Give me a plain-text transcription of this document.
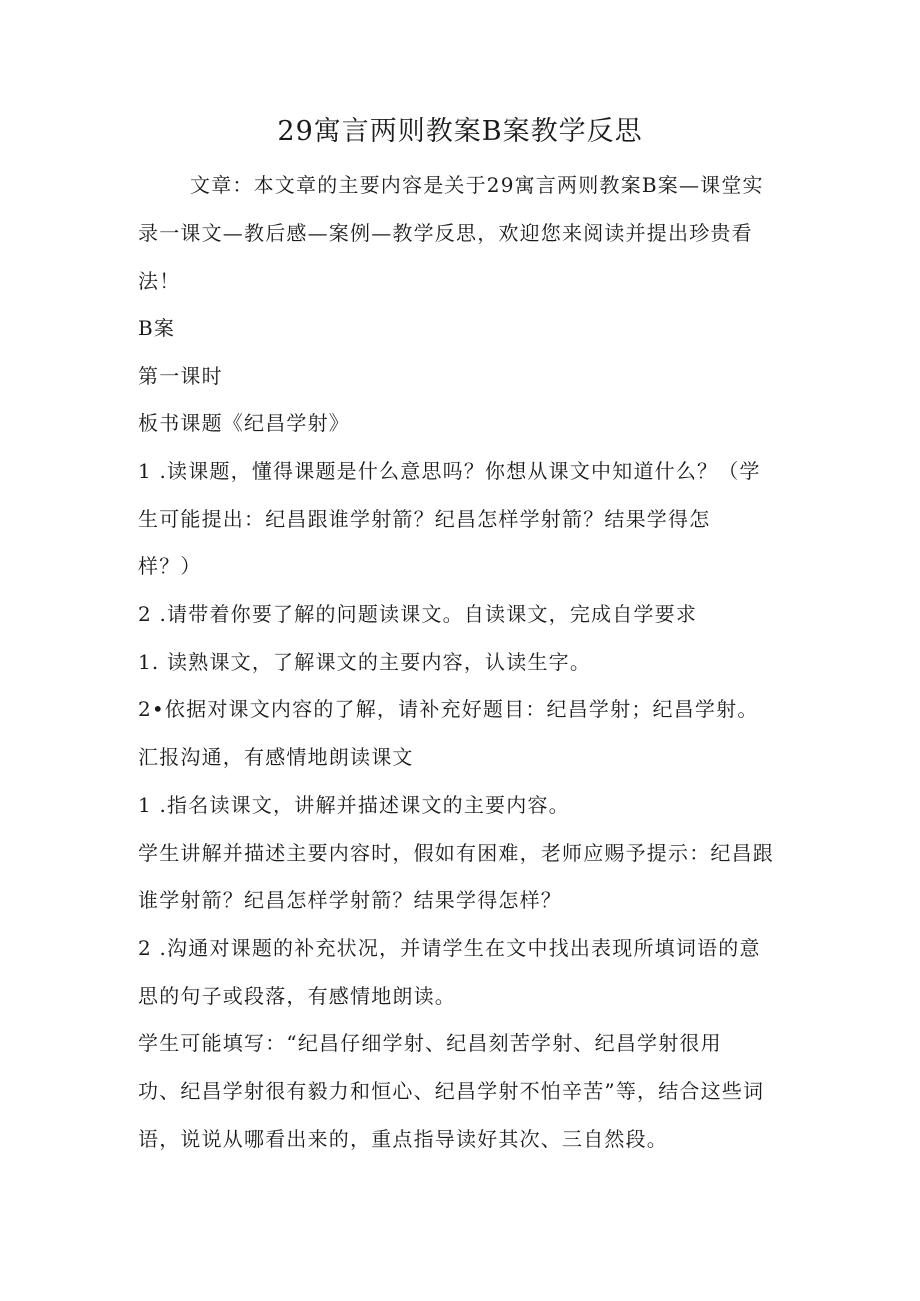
29寓言两则教案B案教学反思
文章：本文章的主要内容是关于29寓言两则教案B案—课堂实
录一课文—教后感—案例—教学反思，欢迎您来阅读并提出珍贵看
法！
B案
第一课时
板书课题《纪昌学射》
1 .读课题，懂得课题是什么意思吗？你想从课文中知道什么？（学
生可能提出：纪昌跟谁学射箭？纪昌怎样学射箭？结果学得怎
样？）
2 .请带着你要了解的问题读课文。自读课文，完成自学要求
1. 读熟课文，了解课文的主要内容，认读生字。
2•依据对课文内容的了解，请补充好题目：纪昌学射；纪昌学射。
汇报沟通，有感情地朗读课文
1 .指名读课文，讲解并描述课文的主要内容。
学生讲解并描述主要内容时，假如有困难，老师应赐予提示：纪昌跟
谁学射箭？纪昌怎样学射箭？结果学得怎样？
2 .沟通对课题的补充状况，并请学生在文中找出表现所填词语的意
思的句子或段落，有感情地朗读。
学生可能填写：“纪昌仔细学射、纪昌刻苦学射、纪昌学射很用
功、纪昌学射很有毅力和恒心、纪昌学射不怕辛苦”等，结合这些词
语，说说从哪看出来的，重点指导读好其次、三自然段。
